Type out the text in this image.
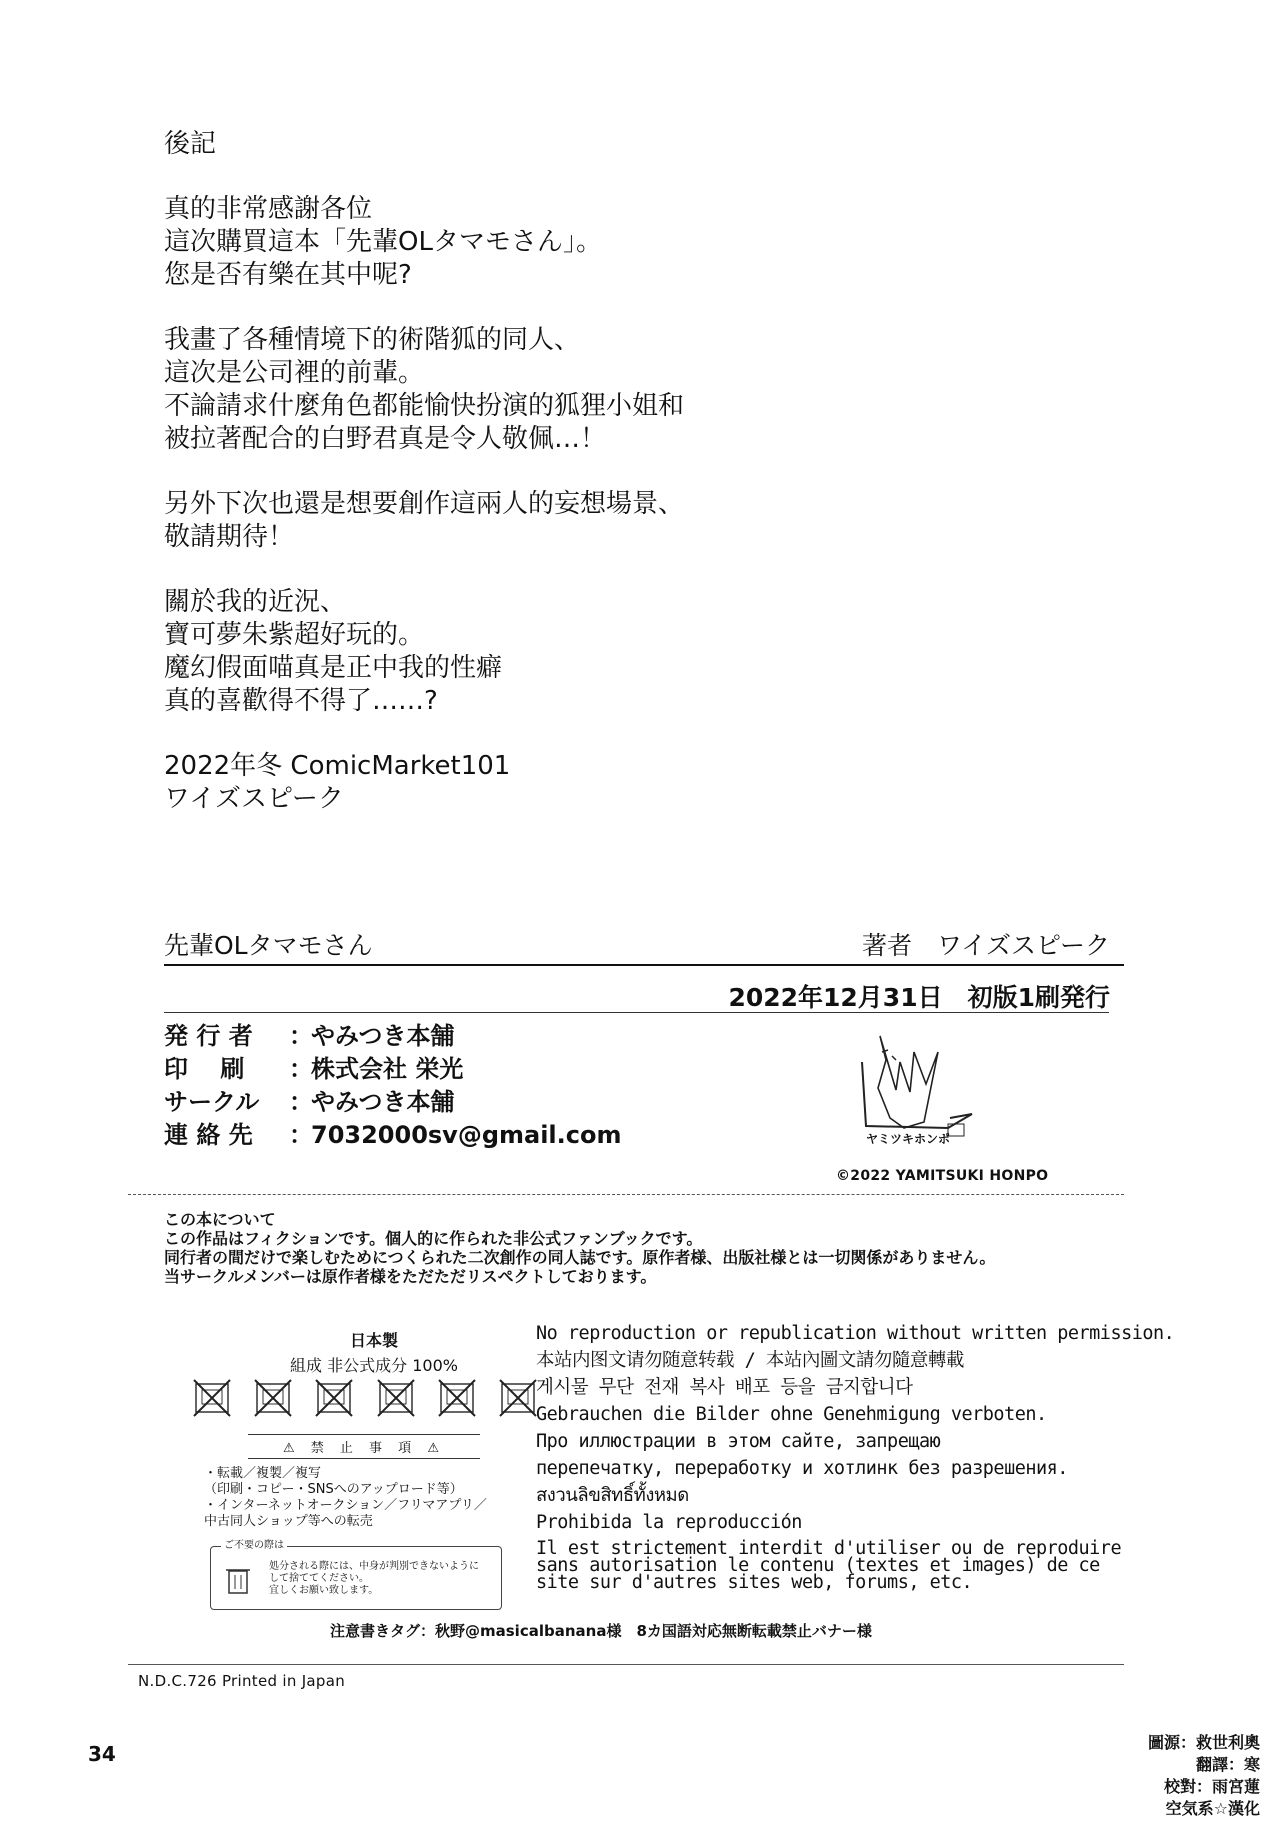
後記

真的非常感謝各位
這次購買這本「先輩OLタマモさん」。
您是否有樂在其中呢?

我畫了各種情境下的術階狐的同人、
這次是公司裡的前輩。
不論請求什麼角色都能愉快扮演的狐狸小姐和
被拉著配合的白野君真是令人敬佩…！

另外下次也還是想要創作這兩人的妄想場景、
敬請期待！

關於我的近況、
寶可夢朱紫超好玩的。
魔幻假面喵真是正中我的性癖
真的喜歡得不得了……?

2022年冬 ComicMarket101
ワイズスピーク

先輩OLタマモさん	著者　ワイズスピーク
2022年12月31日　初版1刷発行
発 行 者	：
やみつき本舗
印　 刷	：
株式会社 栄光
サークル	：
やみつき本舗
連 絡 先	：
7032000sv@gmail.com	ヤミツキホンポ
©2022 YAMITSUKI HONPO
この本について
この作品はフィクションです。個人的に作られた非公式ファンブックです。
同行者の間だけで楽しむためにつくられた二次創作の同人誌です。原作者様、出版社様とは一切関係がありません。
当サークルメンバーは原作者様をただただリスペクトしております。
日本製
組成 非公式成分 100%
⚠ 禁 止 事 項 ⚠
・転載／複製／複写
（印刷・コピー・SNSへのアップロード等）
・インターネットオークション／フリマアプリ／
中古同人ショップ等への転売
ご不要の際は
処分される際には、中身が判別できないように
して捨ててください。
宜しくお願い致します。
No reproduction or republication without written permission.
本站内图文请勿随意转载 / 本站內圖文請勿隨意轉載
게시물 무단 전재 복사 배포 등을 금지합니다
Gebrauchen die Bilder ohne Genehmigung verboten.
Про иллюстрации в этом сайте, запрещаю
перепечатку, переработку и хотлинк без разрешения.
สงวนลิขสิทธิ์ทั้งหมด
Prohibida la reproducción
Il est strictement interdit d'utiliser ou de reproduire
sans autorisation le contenu (textes et images) de ce
site sur d'autres sites web, forums, etc.
注意書きタグ：秋野@masicalbanana様　8カ国語対応無断転載禁止バナー様
N.D.C.726 Printed in Japan
34	圖源：救世利奧
翻譯：寒
校對：雨宮蓮
空気系☆漢化
